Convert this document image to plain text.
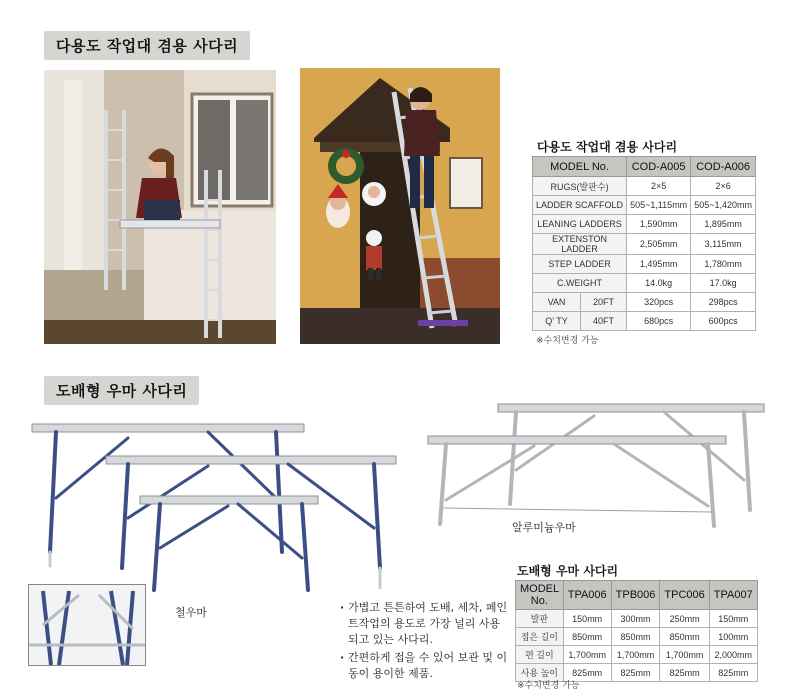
다용도 작업대 겸용 사다리
다용도 작업대 겸용 사다리
MODEL No.		COD-A005	COD-A006
RUGS(발판수)		2×5	2×6
LADDER SCAFFOLD		505~1,115mm	505~1,420mm
LEANING LADDERS		1,590mm	1,895mm
EXTENSTON LADDER		2,505mm	3,115mm
STEP LADDER		1,495mm	1,780mm
C.WEIGHT		14.0kg	17.0kg
VAN	20FT	320pcs	298pcs
Q' TY	40FT	680pcs	600pcs
※수치변경 가능
도배형 우마 사다리
알루미늄우마
철우마	· 가볍고 튼튼하여 도배, 세차, 페인트작업의 용도로 가장 널리 사용되고 있는 사다리.
· 간편하게 접을 수 있어 보관 및 이동이 용이한 제품.
도배형 우마 사다리
MODEL No.	TPA006	TPB006	TPC006	TPA007
발판	150mm	300mm	250mm	150mm
접은 길이	850mm	850mm	850mm	100mm
편 길이	1,700mm	1,700mm	1,700mm	2,000mm
사용 높이	825mm	825mm	825mm	825mm
※수치변경 가능
